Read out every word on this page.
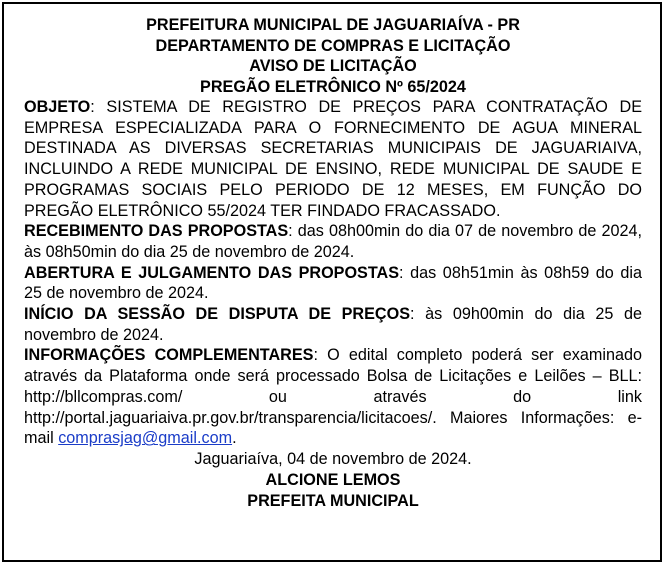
PREFEITURA MUNICIPAL DE JAGUARIAÍVA - PR

DEPARTAMENTO DE COMPRAS E LICITAÇÃO

AVISO DE LICITAÇÃO

PREGÃO ELETRÔNICO Nº 65/2024

OBJETO: SISTEMA DE REGISTRO DE PREÇOS PARA CONTRATAÇÃO DE EMPRESA ESPECIALIZADA PARA O FORNECIMENTO DE AGUA MINERAL DESTINADA AS DIVERSAS SECRETARIAS MUNICIPAIS DE JAGUARIAIVA, INCLUINDO A REDE MUNICIPAL DE ENSINO, REDE MUNICIPAL DE SAUDE E PROGRAMAS SOCIAIS PELO PERIODO DE 12 MESES, EM FUNÇÃO DO PREGÃO ELETRÔNICO 55/2024 TER FINDADO FRACASSADO.

RECEBIMENTO DAS PROPOSTAS: das 08h00min do dia 07 de novembro de 2024, às 08h50min do dia 25 de novembro de 2024.

ABERTURA E JULGAMENTO DAS PROPOSTAS: das 08h51min às 08h59 do dia 25 de novembro de 2024.

INÍCIO DA SESSÃO DE DISPUTA DE PREÇOS: às 09h00min do dia 25 de novembro de 2024.

INFORMAÇÕES COMPLEMENTARES: O edital completo poderá ser examinado através da Plataforma onde será processado Bolsa de Licitações e Leilões – BLL: http://bllcompras.com/ ou através do link http://portal.jaguariaiva.pr.gov.br/transparencia/licitacoes/. Maiores Informações: e-mail comprasjag@gmail.com.

Jaguariaíva, 04 de novembro de 2024.

ALCIONE LEMOS

PREFEITA MUNICIPAL
